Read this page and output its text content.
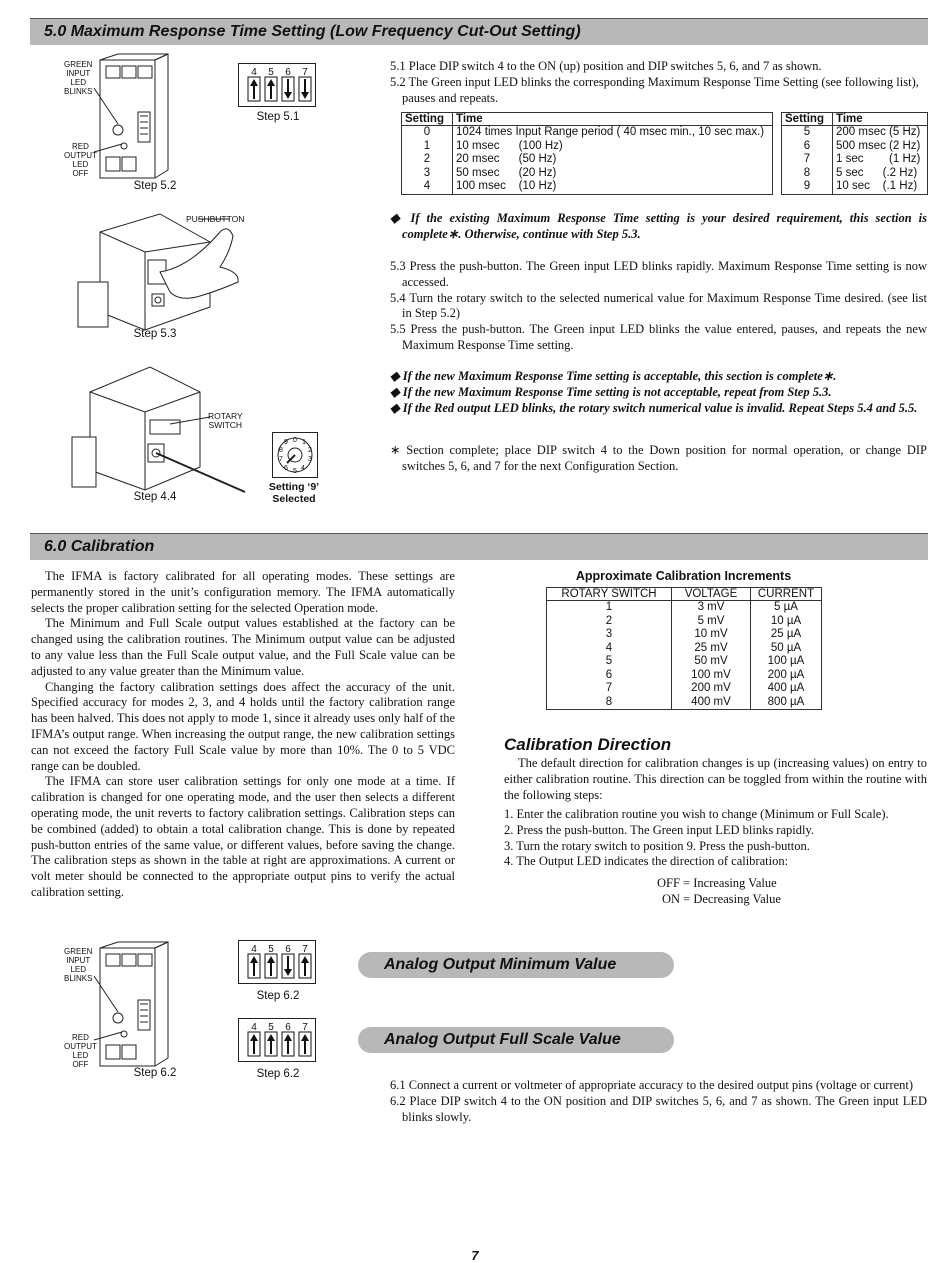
5.0 Maximum Response Time Setting (Low Frequency Cut-Out Setting)
GREEN
INPUT
LED
BLINKS
RED
OUTPUT
LED
OFF
Step 5.2
4 5 6 7
Step 5.1
PUSHBUTTON
Step 5.3
ROTARY
SWITCH
Step 4.4
0 1
2
3
4
5
6
7
8
9
Setting ‘9’
Selected

5.1 Place DIP switch 4 to the ON (up) position and DIP switches 5, 6, and 7 as shown.

5.2 The Green input LED blinks the corresponding Maximum Response Time Setting (see following list), pauses and repeats.

Setting	Time
0	1024 times Input Range period ( 40 msec min., 10 sec max.)
1	10 msec      (100 Hz)
2	20 msec      (50 Hz)
3	50 msec      (20 Hz)
4	100 msec    (10 Hz)
Setting	Time
5	200 msec (5 Hz)
6	500 msec (2 Hz)
7	1 sec        (1 Hz)
8	5 sec      (.2 Hz)
9	10 sec    (.1 Hz)

◆ If the existing Maximum Response Time setting is your desired requirement, this section is complete∗. Otherwise, continue with Step 5.3.

5.3 Press the push-button. The Green input LED blinks rapidly. Maximum Response Time setting is now accessed.

5.4 Turn the rotary switch to the selected numerical value for Maximum Response Time desired. (see list in Step 5.2)

5.5 Press the push-button. The Green input LED blinks the value entered, pauses, and repeats the new Maximum Response Time setting.

◆ If the new Maximum Response Time setting is acceptable, this section is complete∗.

◆ If the new Maximum Response Time setting is not acceptable, repeat from Step 5.3.

◆ If the Red output LED blinks, the rotary switch numerical value is invalid. Repeat Steps 5.4 and 5.5.

∗ Section complete; place DIP switch 4 to the Down position for normal operation, or change DIP switches 5, 6, and 7 for the next Configuration Section.

6.0 Calibration

The IFMA is factory calibrated for all operating modes. These settings are permanently stored in the unit’s configuration memory. The IFMA automatically selects the proper calibration setting for the selected Operation mode.

The Minimum and Full Scale output values established at the factory can be changed using the calibration routines. The Minimum output value can be adjusted to any value less than the Full Scale output value, and the Full Scale value can be adjusted to any value greater than the Minimum value.

Changing the factory calibration settings does affect the accuracy of the unit. Specified accuracy for modes 2, 3, and 4 holds until the factory calibration range has been halved. This does not apply to mode 1, since it already uses only half of the IFMA’s output range. When increasing the output range, the new calibration settings can not exceed the factory Full Scale value by more than 10%. The 0 to 5 VDC range can be doubled.

The IFMA can store user calibration settings for only one mode at a time. If calibration is changed for one operating mode, and the user then selects a different operating mode, the unit reverts to factory calibration settings. Calibration steps can be combined (added) to obtain a total calibration change. This is done by repeated push-button entries of the same value, or different values, before saving the change. The calibration steps as shown in the table at right are approximations. A current or volt meter should be connected to the appropriate output pins to verify the actual calibration setting.

Approximate Calibration Increments
ROTARY SWITCH	VOLTAGE	CURRENT
1	3 mV	5 µA
2	5 mV	10 µA
3	10 mV	25 µA
4	25 mV	50 µA
5	50 mV	100 µA
6	100 mV	200 µA
7	200 mV	400 µA
8	400 mV	800 µA
Calibration Direction

The default direction for calibration changes is up (increasing values) on entry to either calibration routine. This direction can be toggled from within the routine with the following steps:

1. Enter the calibration routine you wish to change (Minimum or Full Scale).
2. Press the push-button. The Green input LED blinks rapidly.
3. Turn the rotary switch to position 9. Press the push-button.
4. The Output LED indicates the direction of calibration:
OFF = Increasing Value
ON = Decreasing Value
GREEN
INPUT
LED
BLINKS
RED
OUTPUT
LED
OFF
Step 6.2
4 5 6 7
Step 6.2
4 5 6 7
Step 6.2
Analog Output Minimum Value
Analog Output Full Scale Value

6.1 Connect a current or voltmeter of appropriate accuracy to the desired output pins (voltage or current)

6.2 Place DIP switch 4 to the ON position and DIP switches 5, 6, and 7 as shown. The Green input LED blinks slowly.

7
